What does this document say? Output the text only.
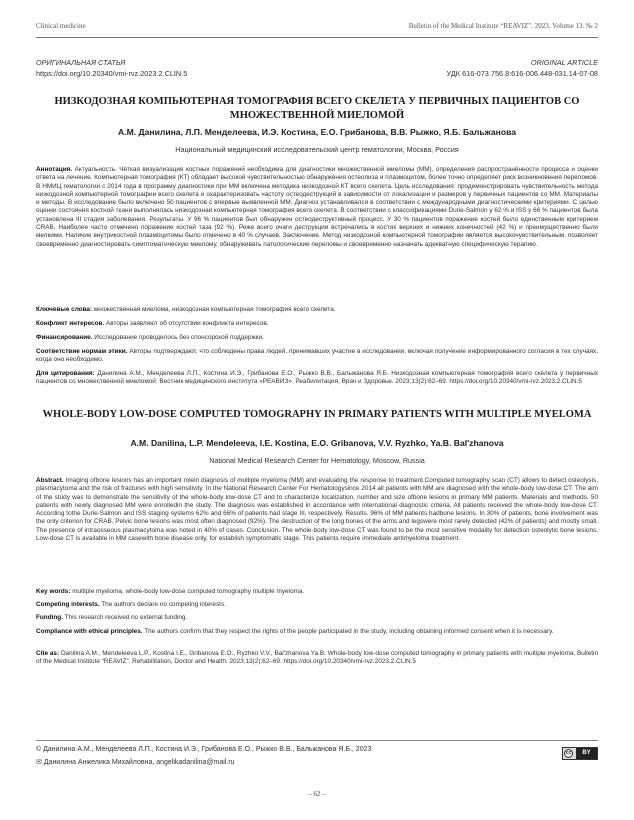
Clinical medicine	Bulletin of the Medical Institute “REAVIZ”. 2023. Volume 13. № 2
ОРИГИНАЛЬНАЯ СТАТЬЯ	ORIGINAL ARTICLE
https://doi.org/10.20340/vmi-rvz.2023.2.CLIN.5	УДК 616-073.756.8:616-006.448-031.14-07-08
НИЗКОДОЗНАЯ КОМПЬЮТЕРНАЯ ТОМОГРАФИЯ ВСЕГО СКЕЛЕТА У ПЕРВИЧНЫХ ПАЦИЕНТОВ СО МНОЖЕСТВЕННОЙ МИЕЛОМОЙ
А.М. Данилина, Л.П. Менделеева, И.Э. Костина, Е.О. Грибанова, В.В. Рыжко, Я.Б. Бальжанова
Национальный медицинский исследовательский центр гематологии, Москва, Россия
Аннотация. Актуальность. Чёткая визуализация костных поражений необходима для диагностики множественной миеломы (ММ), определения распространённости процесса и оценки ответа на лечение. Компьютерная томография (КТ) обладает высокой чувствительностью обнаружения остеолиза и плазмоцитом, более точно определяет риск возникновения переломов. В НМИЦ гематологии с 2014 года в программу диагностики при ММ включена методика низкодозной КТ всего скелета. Цель исследования: продемонстрировать чувствительность метода низкодозной компьютерной томографии всего скелета и охарактеризовать частоту остеодеструкций в зависимости от локализации и размеров у первичных пациентов со ММ. Материалы и методы. В исследование было включено 50 пациентов с впервые выявленной ММ. Диагноз устанавливался в соответствии с международными диагностическими критериями. С целью оценки состояния костной ткани выполнялась низкодозная компьютерная томография всего скелета. В соответствии с классификациями Durie-Salmon у 62 % и ISS у 66 % пациентов была установлена III стадия заболевания. Результаты. У 96 % пациентов был обнаружен остеодеструктивный процесс. У 30 % пациентов поражение костей было единственным критерием CRAB. Наиболее часто отмечено поражение костей таза (92 %). Реже всего очаги деструкции встречались в костях верхних и нижних конечностей (42 %) и преимущественно были мелкими. Наличие внутрикостной плазмоцитомы было отмечено в 40 % случаев. Заключение. Метод низкодозной компьютерной томографии является высокочувствительным, позволяет своевременно диагностировать симптоматическую миелому, обнаруживать патологические переломы и своевременно назначать адекватную специфическую терапию.
Ключевые слова: множественная миелома, низкодозная компьютерная томография всего скелета.
Конфликт интересов. Авторы заявляют об отсутствии конфликта интересов.
Финансирование. Исследование проводилось без спонсорской поддержки.
Соответствие нормам этики. Авторы подтверждают, что соблюдены права людей, принимавших участие в исследовании, включая получение информированного согласия в тех случаях, когда оно необходимо.
Для цитирования: Данилина А.М., Менделеева Л.П., Костина И.Э., Грибанова Е.О., Рыжко В.В., Бальжанова Я.Б. Низкодозная компьютерная томография всего скелета у первичных пациентов со множественной миеломой. Вестник медицинского института «РЕАВИЗ». Реабилитация, Врач и Здоровье. 2023;13(2):62–69. https://doi.org/10.20340/vmi-rvz.2023.2.CLIN.5
WHOLE-BODY LOW-DOSE COMPUTED TOMOGRAPHY IN PRIMARY PATIENTS WITH MULTIPLE MYELOMA
A.M. Danilina, L.P. Mendeleeva, I.E. Kostina, E.O. Gribanova, V.V. Ryzhko, Ya.B. Bal'zhanova
National Medical Research Center for Hematology, Moscow, Russia
Abstract. Imaging ofbone lesions has an important rolein diagnosis of multiple myeloma (MM) and evaluating the response to treatment.Computed tomography scan (CT) allows to detect osteolysis, plasmacytoma and the risk of fractures with high sensitivity. In the National Research Center For Hematologysince 2014 all patients with MM are diagnosed with the whole-body low-dose CT. The aim of the study was to demonstrate the sensitivity of the whole-body low-dose CT and to characterize localization, number and size ofbone lesions in primary MM patients. Materials and methods. 50 patients with newly diagnosed MM were enrolledin the study. The diagnosis was established in accordance with international diagnostic criteria. All patients received the whole-body low-dose CT. According tothe Durie-Salmon and ISS staging systems 62% and 66% of patients had stage III, respectively. Results. 96% of MM patients hadbone lesions. In 30% of patients, bone involvement was the only criterion for CRAB. Pelvic bone lesions was most often diagnosed (92%). The destruction of the long bones of the arms and legswere most rarely detected (42% of patients) and mostly small. The presence of intraosseous plasmacytoma was noted in 40% of cases. Conclusion. The whole-body low-dose CT was found to be the most sensitive modality for detection osteolytic bone lesions. Low-dose CT is available in MM casewith bone disease only, for establish symptomatic stage. This patients require immediate antimyeloma treatment.
Key words: multiple myeloma, whole-body low-dose computed tomography multiple myeloma.
Competing interests. The authors declare no competing interests.
Funding. This research received no external funding.
Compliance with ethical principles. The authors confirm that they respect the rights of the people participated in the study, including obtaining informed consent when it is necessary.
Cite as: Danilina A.M., Mendeleeva L.P., Kostina I.E., Gribanova E.O., Ryzhko V.V., Bal'zhanova Ya.B. Whole-body low-dose computed tomography in primary patients with multiple myeloma. Bulletin of the Medical Institute “REAVIZ”. Rehabilitation, Doctor and Health. 2023;13(2):62–69. https://doi.org/10.20340/vmi-rvz.2023.2.CLIN.5
© Данилина А.М., Менделеева Л.П., Костина И.Э., Грибанова Е.О., Рыжко В.В., Бальжанова Я.Б., 2023
✉ Данилина Анжелика Михайловна, angelikadanilina@mail.ru
cc	BY
– 62 –
